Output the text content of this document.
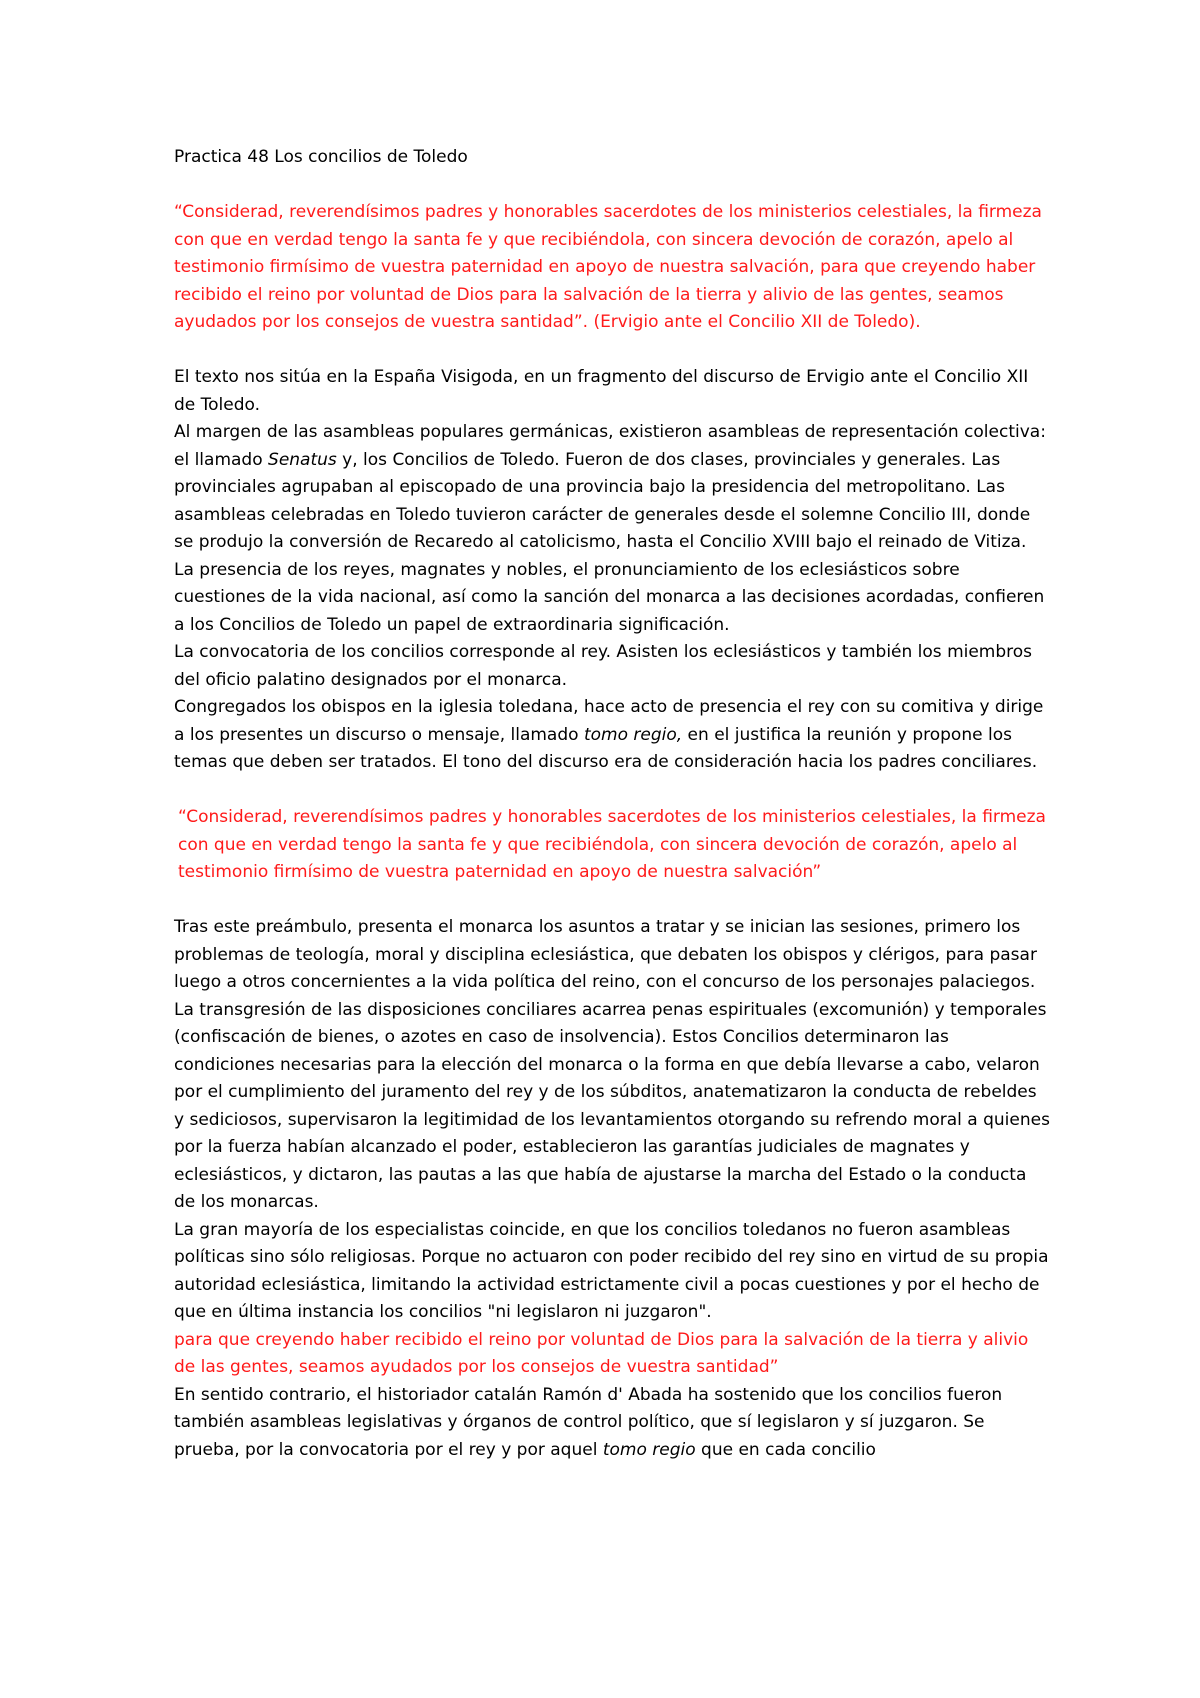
Practica 48 Los concilios de Toledo

“Considerad, reverendísimos padres y honorables sacerdotes de los ministerios celestiales, la firmeza con que en verdad tengo la santa fe y que recibiéndola, con sincera devoción de corazón, apelo al testimonio firmísimo de vuestra paternidad en apoyo de nuestra salvación, para que creyendo haber recibido el reino por voluntad de Dios para la salvación de la tierra y alivio de las gentes, seamos ayudados por los consejos de vuestra santidad”. (Ervigio ante el Concilio XII de Toledo).

El texto nos sitúa en la España Visigoda, en un fragmento del discurso de Ervigio ante el Concilio XII de Toledo.

Al margen de las asambleas populares germánicas, existieron asambleas de representación colectiva: el llamado Senatus y, los Concilios de Toledo. Fueron de dos clases, provinciales y generales. Las provinciales agrupaban al episcopado de una provincia bajo la presidencia del metropolitano. Las asambleas celebradas en Toledo tuvieron carácter de generales desde el solemne Concilio III, donde se produjo la conversión de Recaredo al catolicismo, hasta el Concilio XVIII bajo el reinado de Vitiza.

La presencia de los reyes, magnates y nobles, el pronunciamiento de los eclesiásticos sobre cuestiones de la vida nacional, así como la sanción del monarca a las decisiones acordadas, confieren a los Concilios de Toledo un papel de extraordinaria significación.

La convocatoria de los concilios corresponde al rey. Asisten los eclesiásticos y también los miembros del oficio palatino designados por el monarca.

Congregados los obispos en la iglesia toledana, hace acto de presencia el rey con su comitiva y dirige a los presentes un discurso o mensaje, llamado tomo regio, en el justifica la reunión y propone los temas que deben ser tratados. El tono del discurso era de consideración hacia los padres conciliares.

“Considerad, reverendísimos padres y honorables sacerdotes de los ministerios celestiales, la firmeza con que en verdad tengo la santa fe y que recibiéndola, con sincera devoción de corazón, apelo al testimonio firmísimo de vuestra paternidad en apoyo de nuestra salvación”

Tras este preámbulo, presenta el monarca los asuntos a tratar y se inician las sesiones, primero los problemas de teología, moral y disciplina eclesiástica, que debaten los obispos y clérigos, para pasar luego a otros concernientes a la vida política del reino, con el concurso de los personajes palaciegos. La transgresión de las disposiciones conciliares acarrea penas espirituales (excomunión) y temporales (confiscación de bienes, o azotes en caso de insolvencia). Estos Concilios determinaron las condiciones necesarias para la elección del monarca o la forma en que debía llevarse a cabo, velaron por el cumplimiento del juramento del rey y de los súbditos, anatematizaron la conducta de rebeldes y sediciosos, supervisaron la legitimidad de los levantamientos otorgando su refrendo moral a quienes por la fuerza habían alcanzado el poder, establecieron las garantías judiciales de magnates y eclesiásticos, y dictaron, las pautas a las que había de ajustarse la marcha del Estado o la conducta de los monarcas.

La gran mayoría de los especialistas coincide, en que los concilios toledanos no fueron asambleas políticas sino sólo religiosas. Porque no actuaron con poder recibido del rey sino en virtud de su propia autoridad eclesiástica, limitando la actividad estrictamente civil a pocas cuestiones y por el hecho de que en última instancia los concilios "ni legislaron ni juzgaron".

para que creyendo haber recibido el reino por voluntad de Dios para la salvación de la tierra y alivio de las gentes, seamos ayudados por los consejos de vuestra santidad”

En sentido contrario, el historiador catalán Ramón d' Abada ha sostenido que los concilios fueron también asambleas legislativas y órganos de control político, que sí legislaron y sí juzgaron. Se prueba, por la convocatoria por el rey y por aquel tomo regio que en cada concilio
